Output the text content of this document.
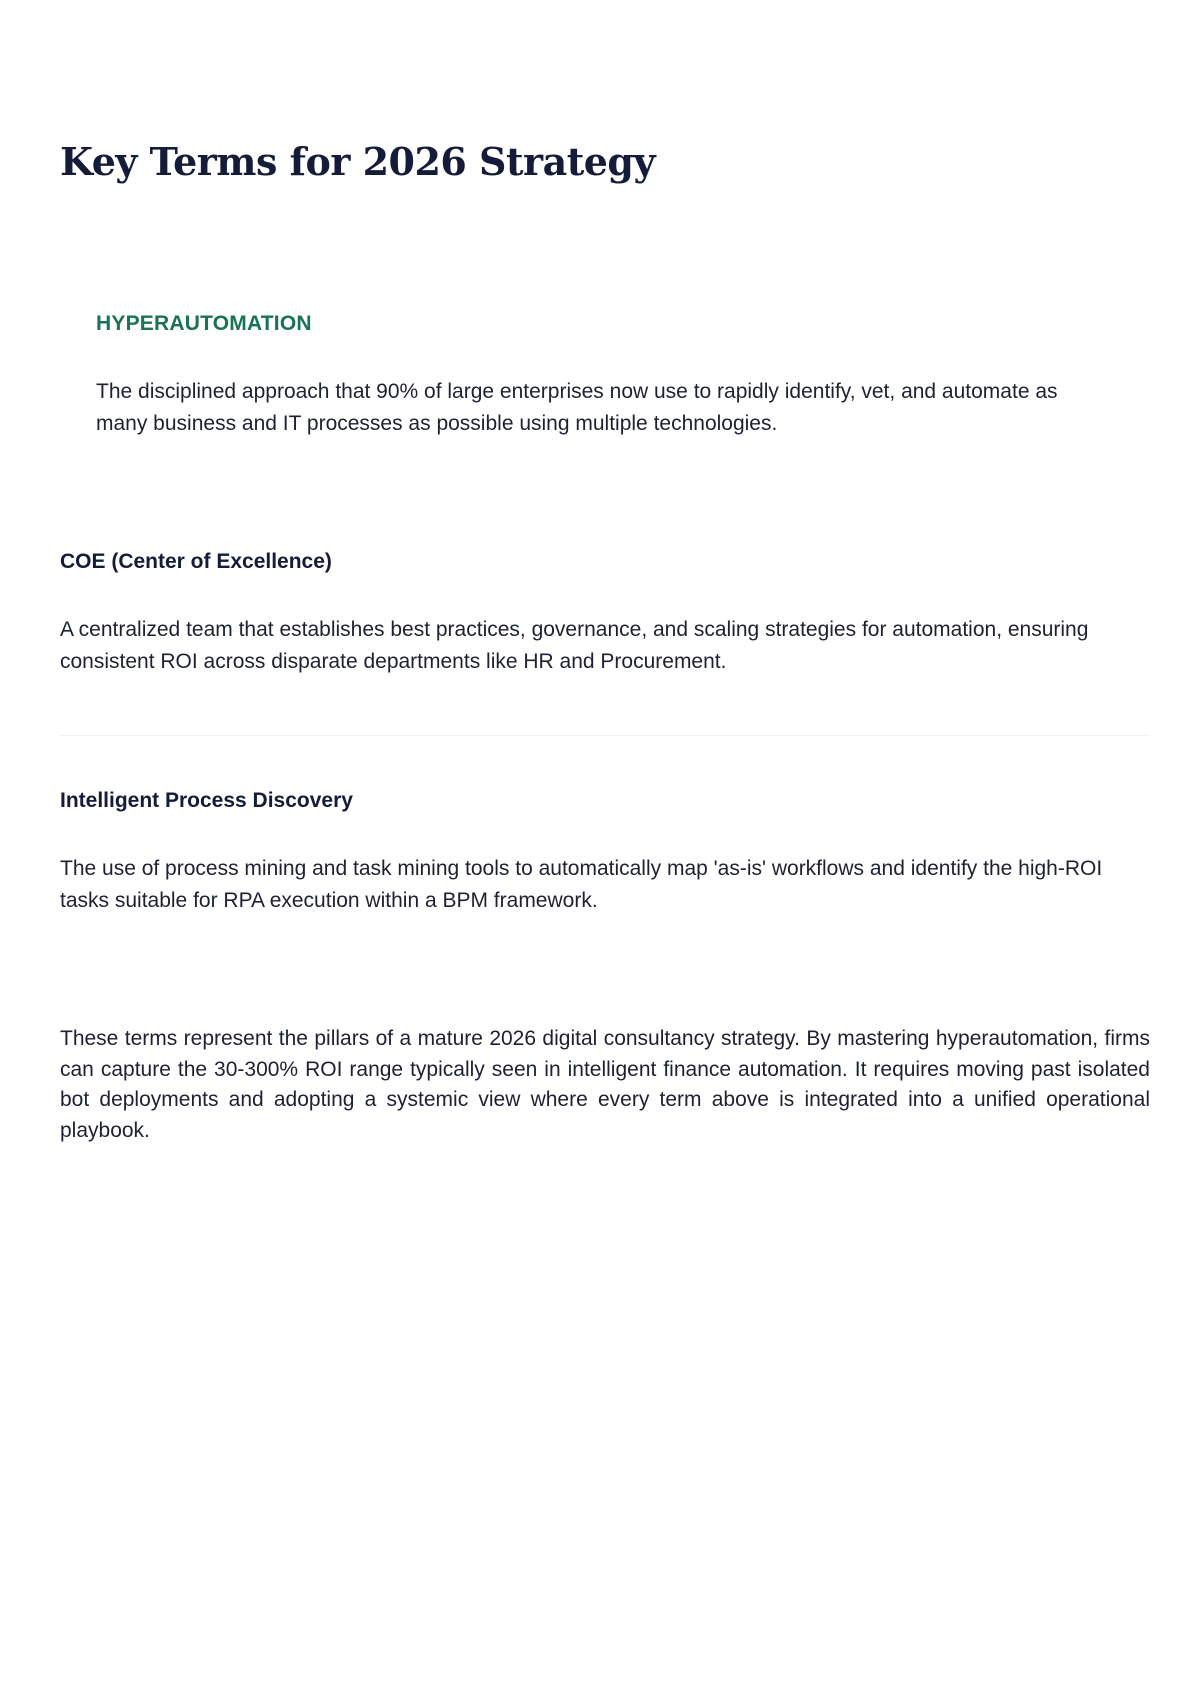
Key Terms for 2026 Strategy
HYPERAUTOMATION

The disciplined approach that 90% of large enterprises now use to rapidly identify, vet, and automate as many business and IT processes as possible using multiple technologies.

COE (Center of Excellence)

A centralized team that establishes best practices, governance, and scaling strategies for automation, ensuring consistent ROI across disparate departments like HR and Procurement.

Intelligent Process Discovery

The use of process mining and task mining tools to automatically map 'as-is' workflows and identify the high-ROI tasks suitable for RPA execution within a BPM framework.

These terms represent the pillars of a mature 2026 digital consultancy strategy. By mastering hyperautomation, firms can capture the 30-300% ROI range typically seen in intelligent finance automation. It requires moving past isolated bot deployments and adopting a systemic view where every term above is integrated into a unified operational playbook.
